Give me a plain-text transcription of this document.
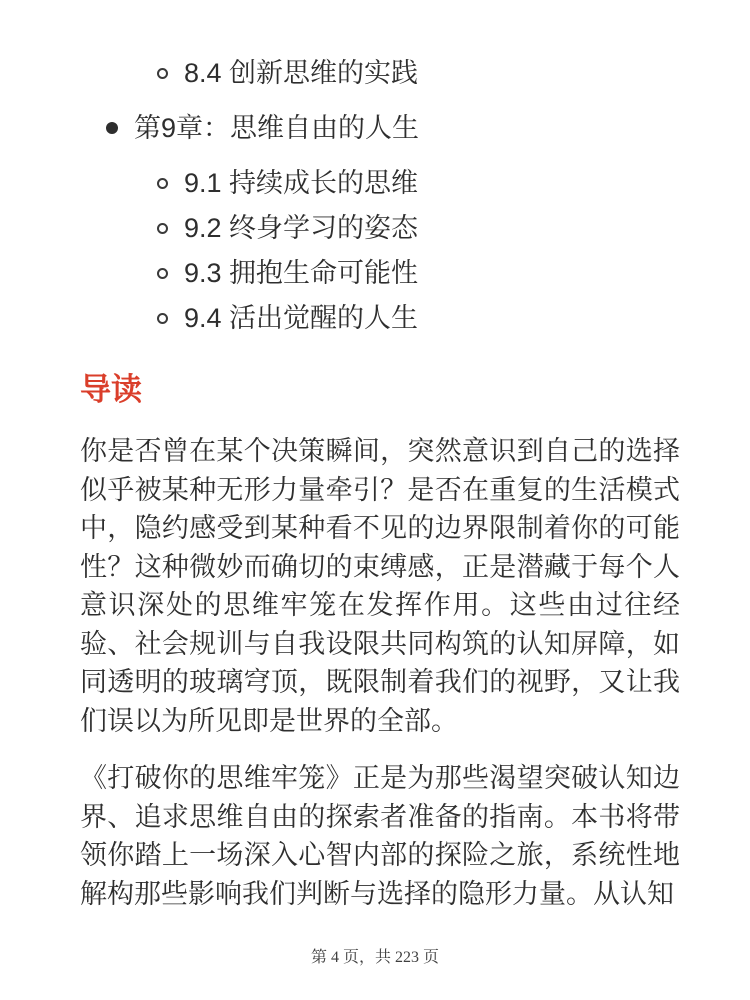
8.4 创新思维的实践
第9章：思维自由的人生
9.1 持续成长的思维
9.2 终身学习的姿态
9.3 拥抱生命可能性
9.4 活出觉醒的人生
导读

你是否曾在某个决策瞬间，突然意识到自己的选择似乎被某种无形力量牵引？是否在重复的生活模式中，隐约感受到某种看不见的边界限制着你的可能性？这种微妙而确切的束缚感，正是潜藏于每个人意识深处的思维牢笼在发挥作用。这些由过往经验、社会规训与自我设限共同构筑的认知屏障，如同透明的玻璃穹顶，既限制着我们的视野，又让我们误以为所见即是世界的全部。

《打破你的思维牢笼》正是为那些渴望突破认知边界、追求思维自由的探索者准备的指南。本书将带领你踏上一场深入心智内部的探险之旅，系统性地解构那些影响我们判断与选择的隐形力量。从认知

第 4 页，共 223 页
